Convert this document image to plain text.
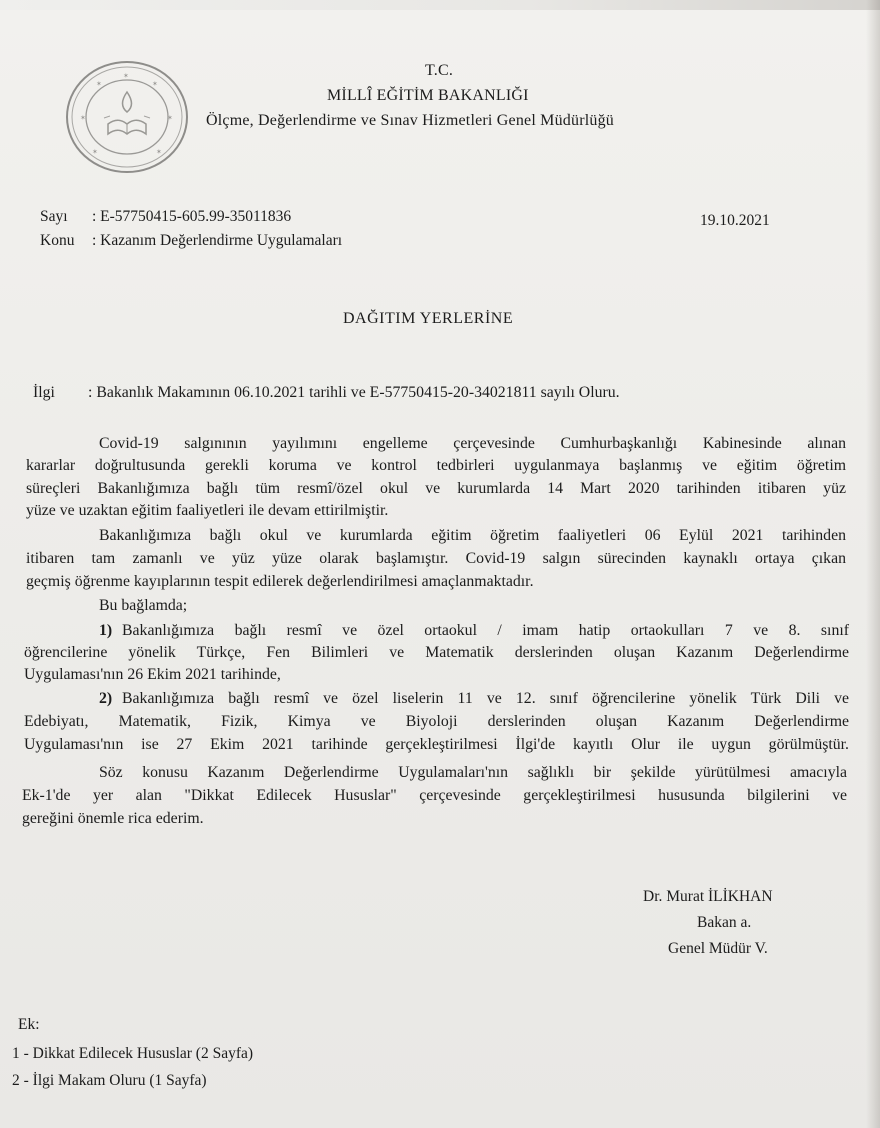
✶	✶
✶	✶
✶	✶
✶	T.C.
MİLLÎ EĞİTİM BAKANLIĞI
Ölçme, Değerlendirme ve Sınav Hizmetleri Genel Müdürlüğü
Sayı : E-57750415-605.99-35011836	19.10.2021
Konu : Kazanım Değerlendirme Uygulamaları
DAĞITIM YERLERİNE
İlgi : Bakanlık Makamının 06.10.2021 tarihli ve E-57750415-20-34021811 sayılı Oluru.
Covid-19 salgınının yayılımını engelleme çerçevesinde Cumhurbaşkanlığı Kabinesinde alınan
kararlar doğrultusunda gerekli koruma ve kontrol tedbirleri uygulanmaya başlanmış ve eğitim öğretim
süreçleri Bakanlığımıza bağlı tüm resmî/özel okul ve kurumlarda 14 Mart 2020 tarihinden itibaren yüz
yüze ve uzaktan eğitim faaliyetleri ile devam ettirilmiştir.
Bakanlığımıza bağlı okul ve kurumlarda eğitim öğretim faaliyetleri 06 Eylül 2021 tarihinden
itibaren tam zamanlı ve yüz yüze olarak başlamıştır. Covid-19 salgın sürecinden kaynaklı ortaya çıkan
geçmiş öğrenme kayıplarının tespit edilerek değerlendirilmesi amaçlanmaktadır.
Bu bağlamda;
1) Bakanlığımıza bağlı resmî ve özel ortaokul / imam hatip ortaokulları 7 ve 8. sınıf
öğrencilerine yönelik Türkçe, Fen Bilimleri ve Matematik derslerinden oluşan Kazanım Değerlendirme
Uygulaması'nın 26 Ekim 2021 tarihinde,
2) Bakanlığımıza bağlı resmî ve özel liselerin 11 ve 12. sınıf öğrencilerine yönelik Türk Dili ve
Edebiyatı, Matematik, Fizik, Kimya ve Biyoloji derslerinden oluşan Kazanım Değerlendirme
Uygulaması'nın ise 27 Ekim 2021 tarihinde gerçekleştirilmesi İlgi'de kayıtlı Olur ile uygun görülmüştür.
Söz konusu Kazanım Değerlendirme Uygulamaları'nın sağlıklı bir şekilde yürütülmesi amacıyla
Ek-1'de yer alan "Dikkat Edilecek Hususlar" çerçevesinde gerçekleştirilmesi hususunda bilgilerini ve
gereğini önemle rica ederim.
Dr. Murat İLİKHAN
Bakan a.
Genel Müdür V.
Ek:
1 - Dikkat Edilecek Hususlar (2 Sayfa)
2 - İlgi Makam Oluru (1 Sayfa)
